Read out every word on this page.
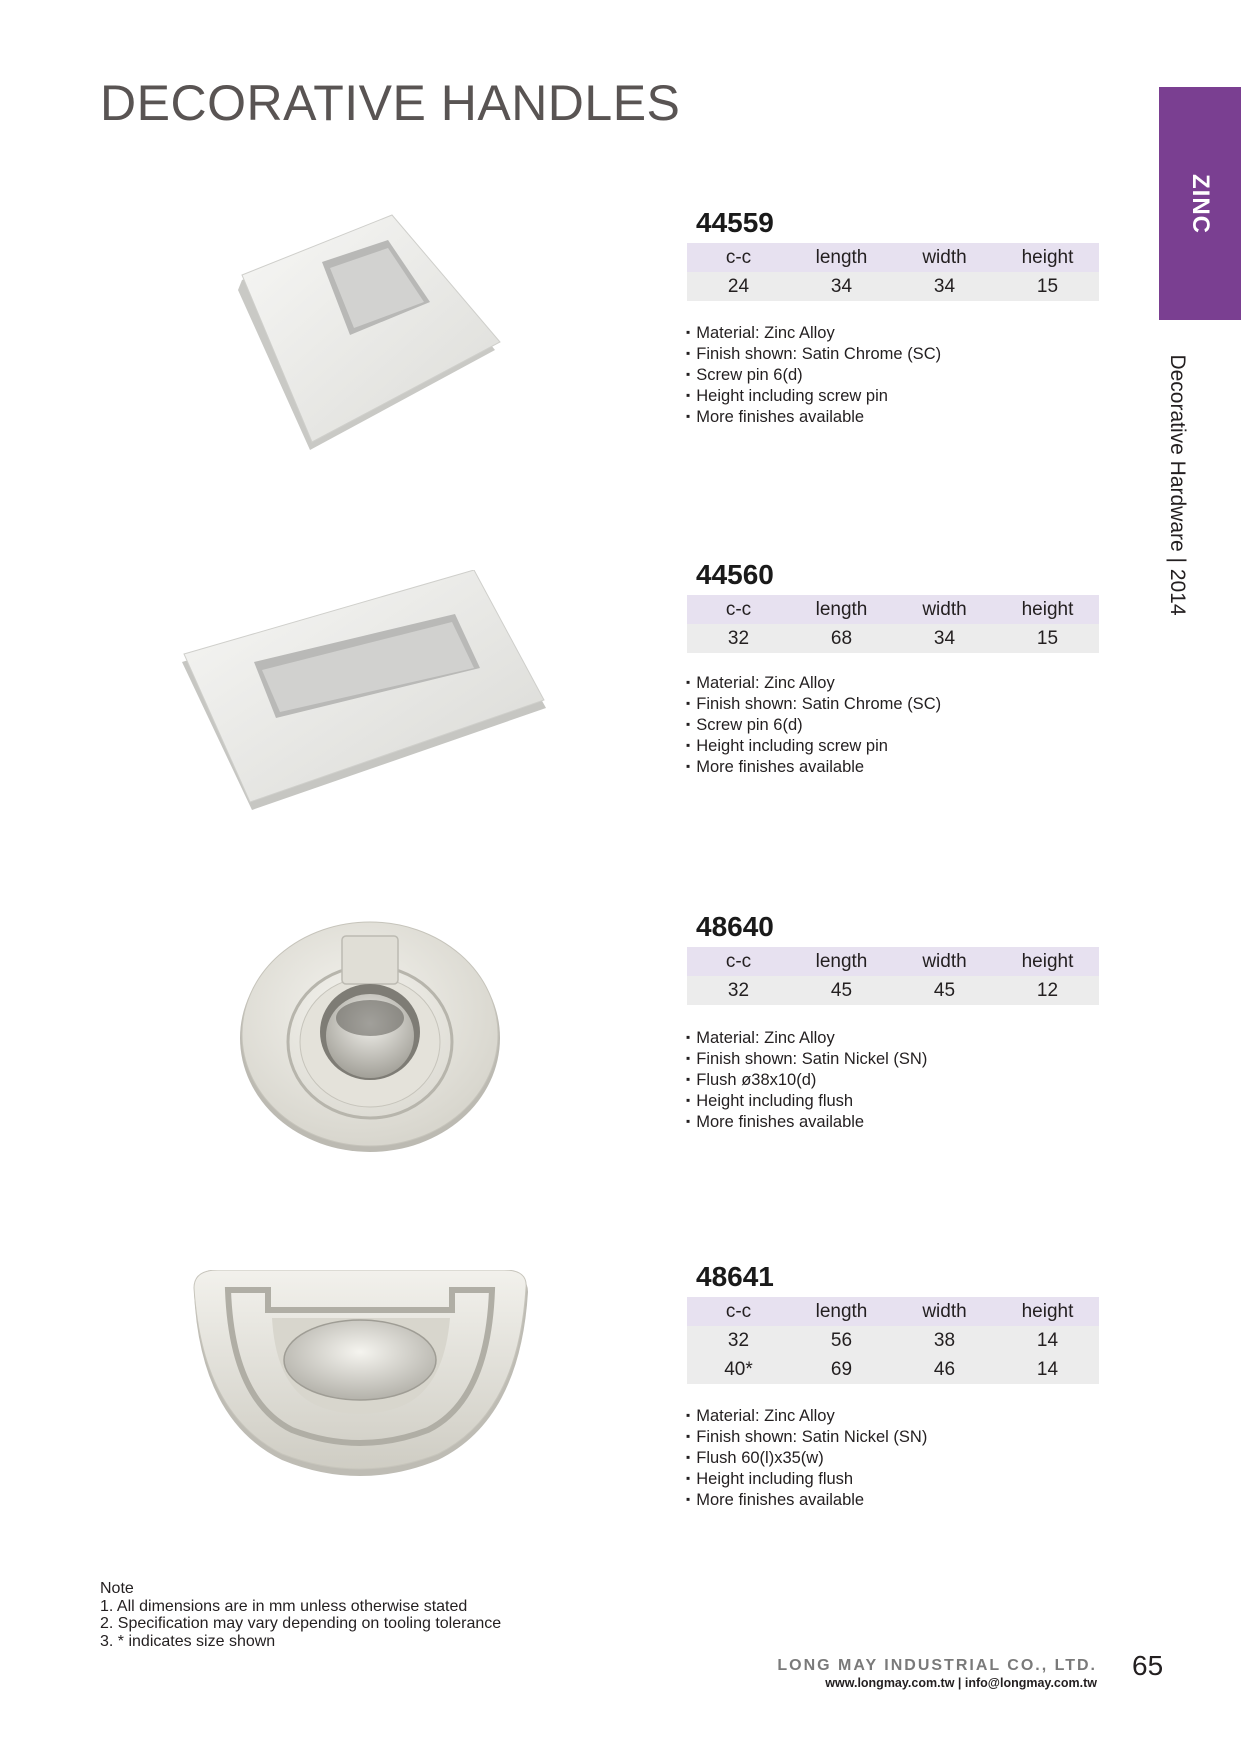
DECORATIVE HANDLES
ZINC
Decorative Hardware | 2014
44559
c-c	length	width	height
24	34	34	15
▪ Material: Zinc Alloy
▪ Finish shown: Satin Chrome (SC)
▪ Screw pin 6(d)
▪ Height including screw pin
▪ More finishes available
44560
c-c	length	width	height
32	68	34	15
▪ Material: Zinc Alloy
▪ Finish shown: Satin Chrome (SC)
▪ Screw pin 6(d)
▪ Height including screw pin
▪ More finishes available
48640
c-c	length	width	height
32	45	45	12
▪ Material: Zinc Alloy
▪ Finish shown: Satin Nickel (SN)
▪ Flush ø38x10(d)
▪ Height including flush
▪ More finishes available
48641
c-c	length	width	height
32	56	38	14
40*	69	46	14
▪ Material: Zinc Alloy
▪ Finish shown: Satin Nickel (SN)
▪ Flush 60(l)x35(w)
▪ Height including flush
▪ More finishes available
Note
1. All dimensions are in mm unless otherwise stated
2. Specification may vary depending on tooling tolerance
3. * indicates size shown
LONG MAY INDUSTRIAL CO., LTD.
www.longmay.com.tw | info@longmay.com.tw
65
